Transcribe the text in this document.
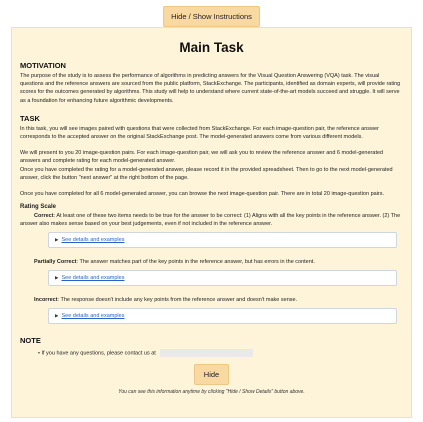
Hide / Show Instructions
Main Task
MOTIVATION

The purpose of the study is to assess the performance of algorithms in predicting answers for the Visual Question Answering (VQA) task. The visual questions and the reference answers are sourced from the public platform, StackExchange. The participants, identified as domain experts, will provide rating scores for the outcomes generated by algorithms. This study will help to understand where current state-of-the-art models succeed and struggle. It will serve as a foundation for enhancing future algorithmic developments.

TASK

In this task, you will see images paired with questions that were collected from StackExchange. For each image-question pair, the reference answer corresponds to the accepted answer on the original StackExchange post. The model-generated answers come from various different models.

We will present to you 20 image-question pairs. For each image-question pair, we will ask you to review the reference answer and 6 model-generated answers and complete rating for each model-generated answer.

Once you have completed the rating for a model-generated answer, please record it in the provided spreadsheet. Then to go to the next model-generated answer, click the button "next answer" at the right bottom of the page.

Once you have completed for all 6 model-generated answer, you can browse the next image-question pair. There are in total 20 image-question pairs.

Rating Scale
Correct: At least one of these two items needs to be true for the answer to be correct: (1) Aligns with all the key points in the reference answer. (2) The answer also makes sense based on your best judgements, even if not included in the reference answer.
▶ See details and examples
Partially Correct: The answer matches part of the key points in the reference answer, but has errors in the content.
▶ See details and examples
Incorrect: The response doesn't include any key points from the reference answer and doesn't make sense.
▶ See details and examples
NOTE
• If you have any questions, please contact us at
Hide
You can see this information anytime by clicking "Hide / Show Details" button above.
